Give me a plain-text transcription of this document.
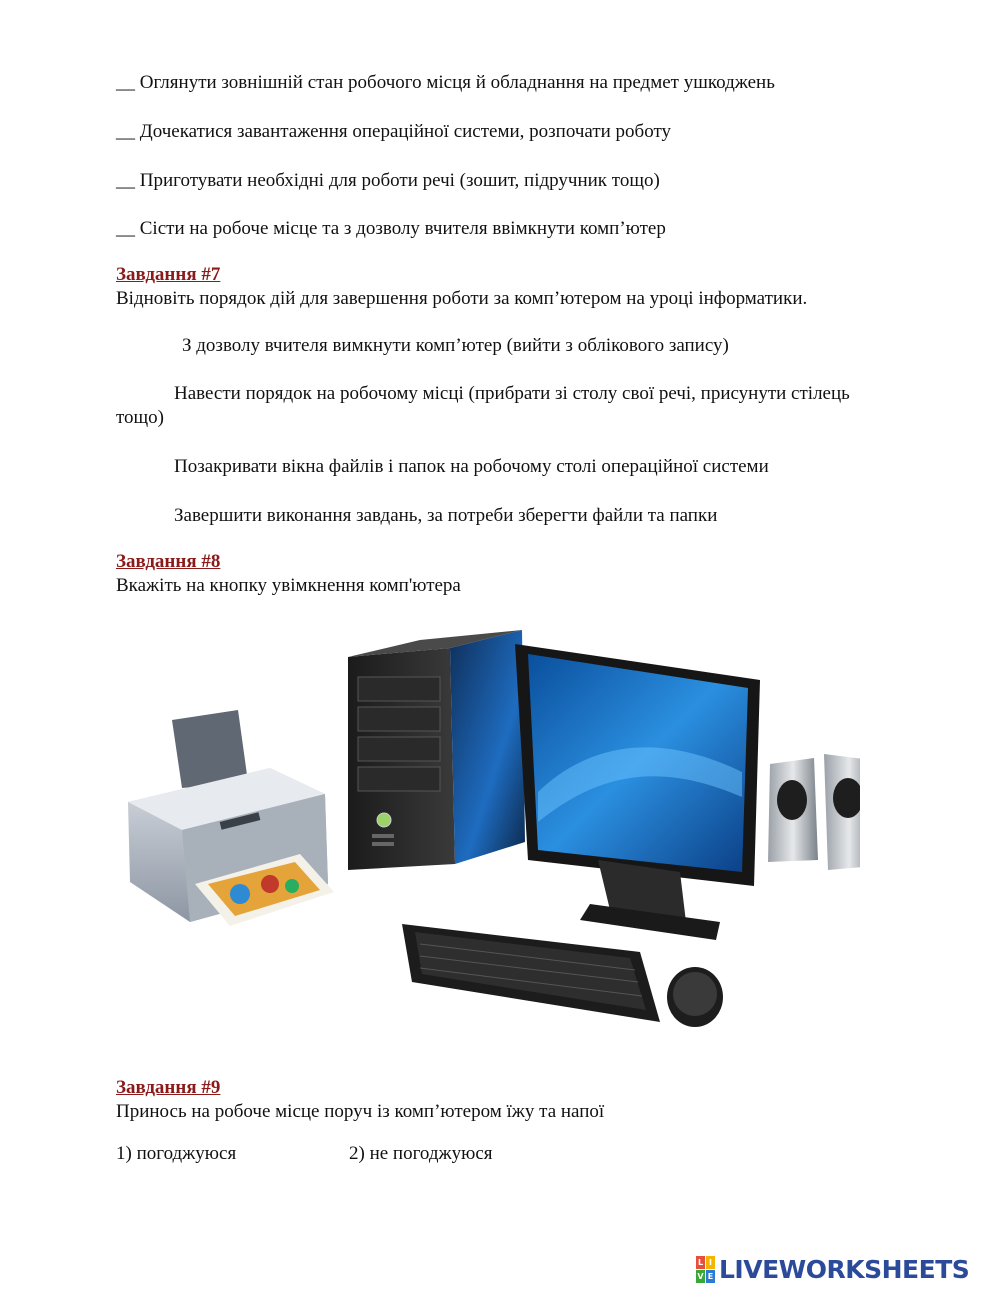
__ Оглянути зовнішній стан робочого місця й обладнання на предмет ушкоджень
__ Дочекатися завантаження операційної системи, розпочати роботу
__ Приготувати необхідні для роботи речі (зошит, підручник тощо)
__ Сісти на робоче місце та з дозволу вчителя ввімкнути комп’ютер
Завдання #7
Відновіть порядок дій для завершення роботи за комп’ютером на уроці інформатики.
З дозволу вчителя вимкнути комп’ютер (вийти з облікового запису)
Навести порядок на робочому місці (прибрати зі столу свої речі, присунути стілець тощо)
Позакривати вікна файлів і папок на робочому столі операційної системи
Завершити виконання завдань, за потреби зберегти файли та папки
Завдання #8
Вкажіть на кнопку увімкнення комп'ютера
Завдання #9
Принось на робоче місце поруч із комп’ютером їжу та напої
1) погоджуюся	2) не погоджуюся
L I
V E LIVEWORKSHEETS
